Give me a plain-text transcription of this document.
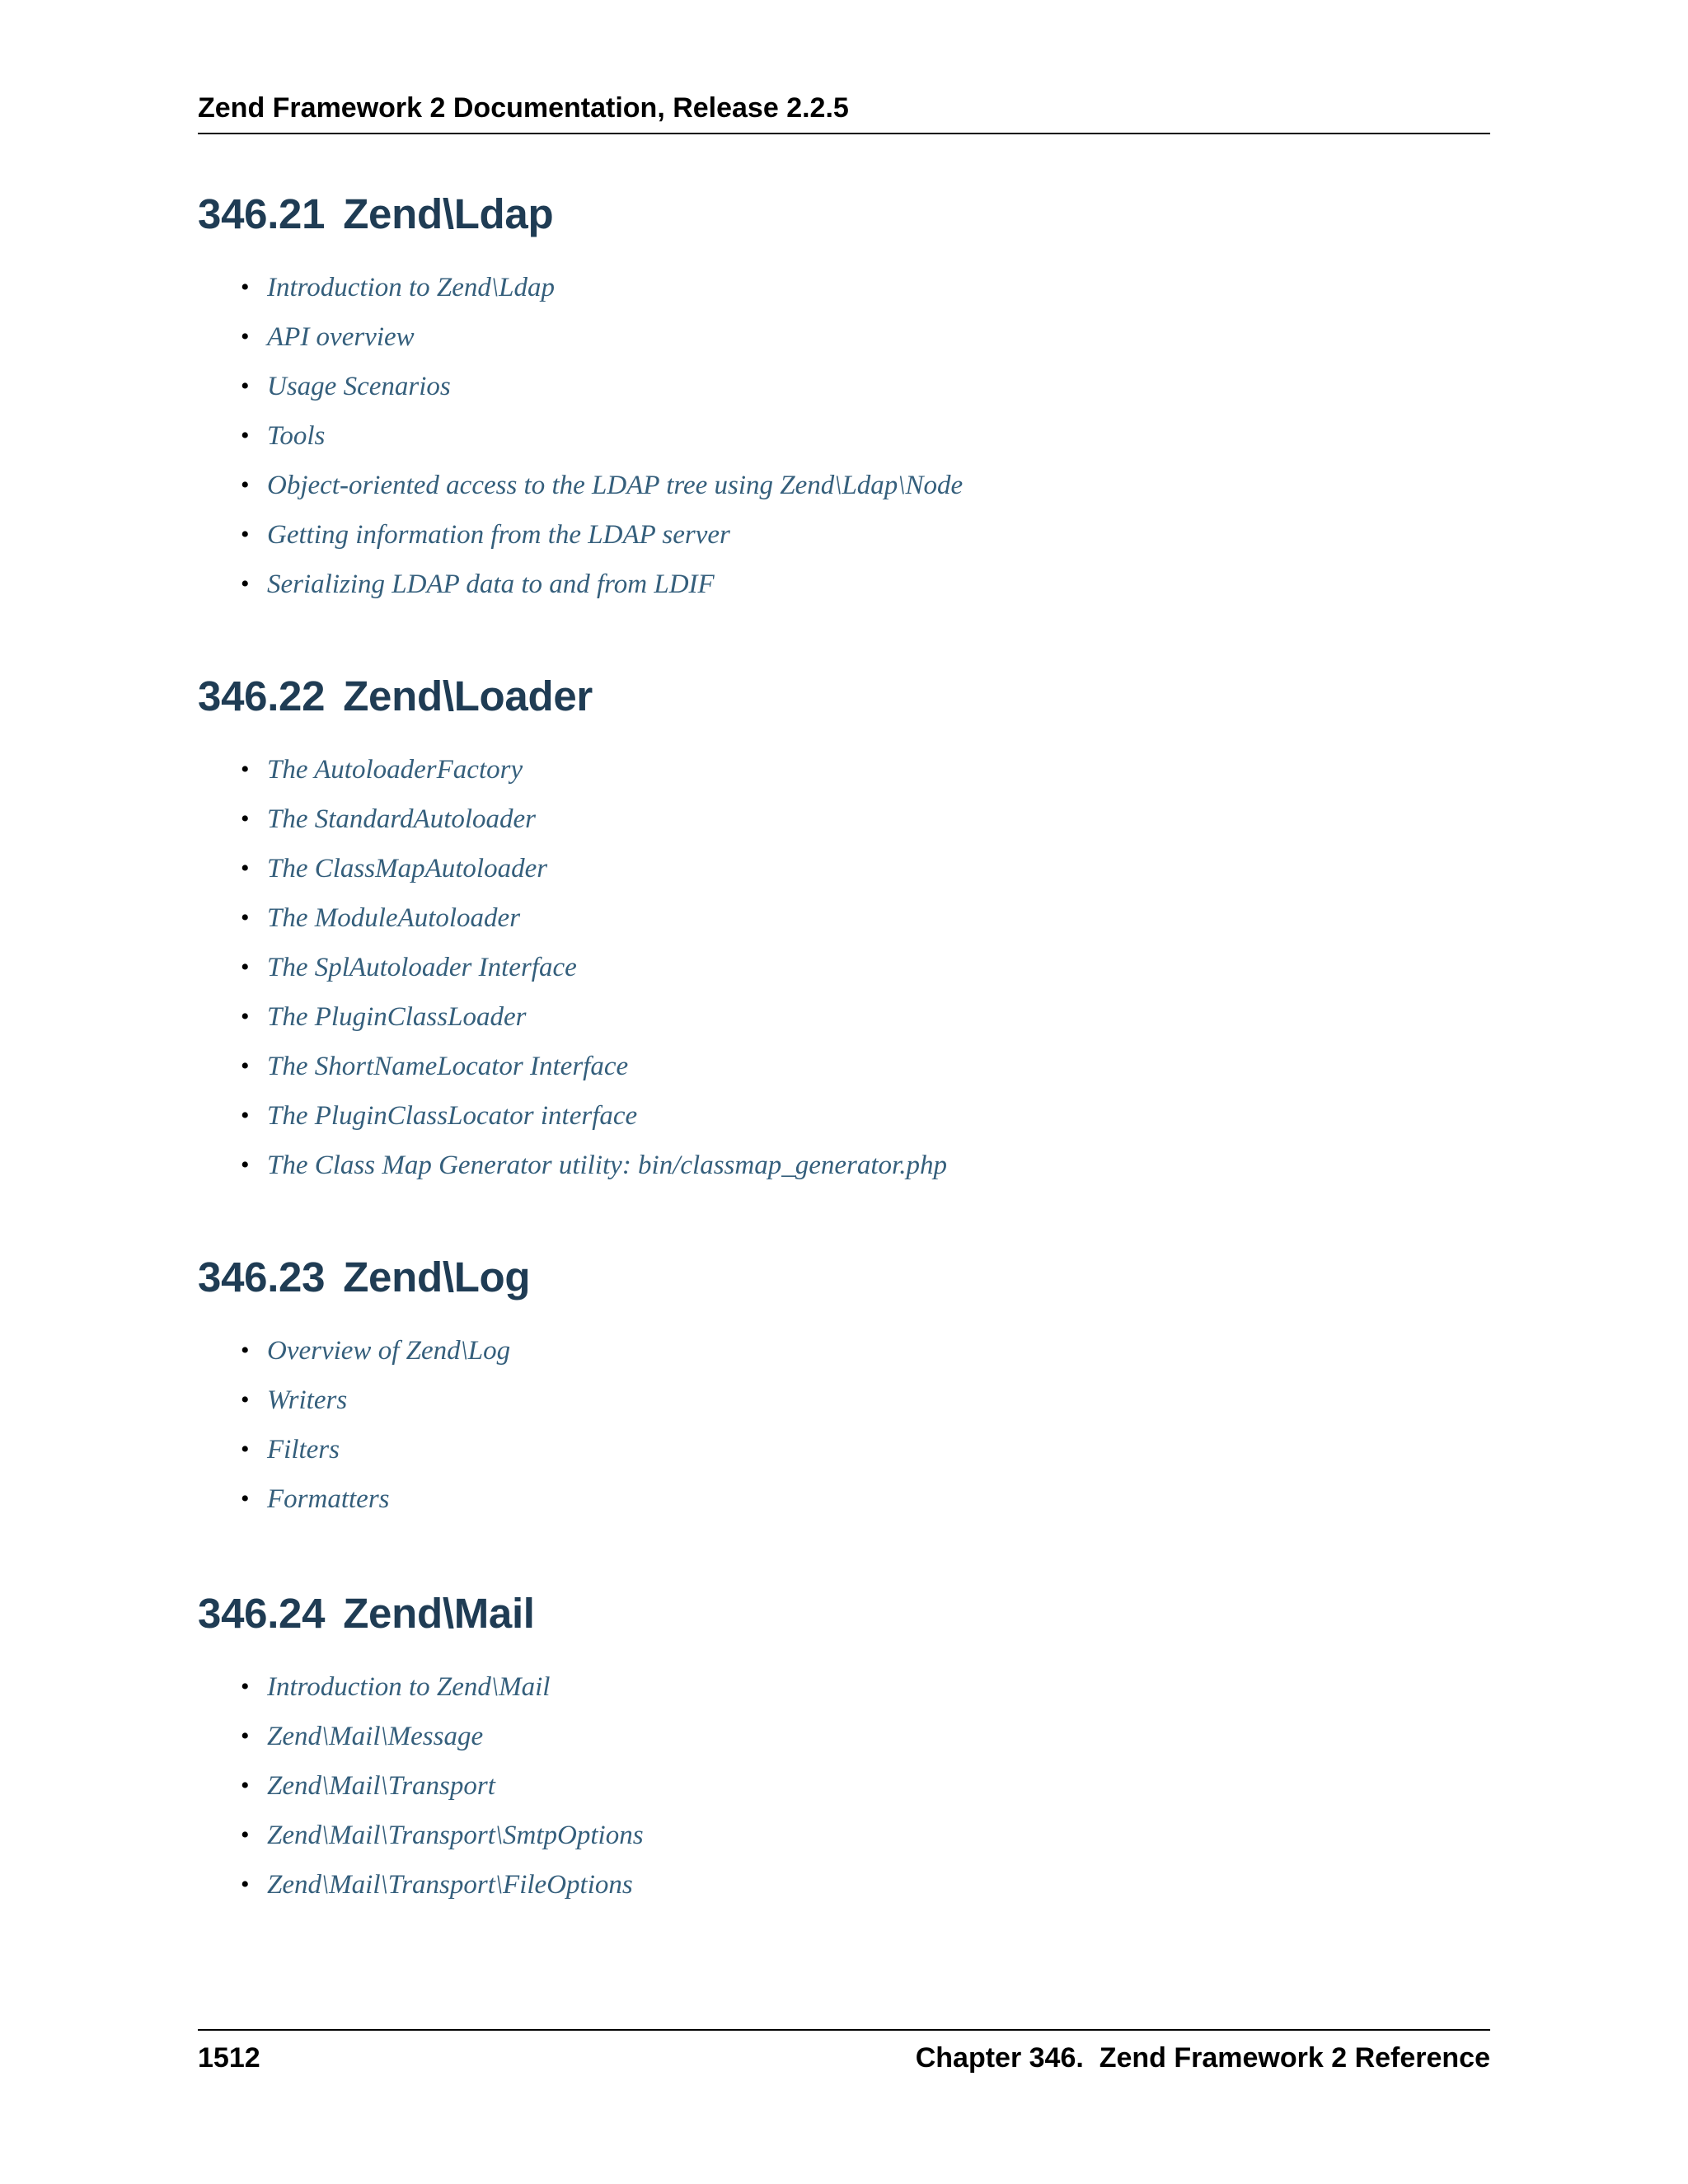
Zend Framework 2 Documentation, Release 2.2.5
346.21 Zend\Ldap
• Introduction to Zend\Ldap
• API overview
• Usage Scenarios
• Tools
• Object-oriented access to the LDAP tree using Zend\Ldap\Node
• Getting information from the LDAP server
• Serializing LDAP data to and from LDIF
346.22 Zend\Loader
• The AutoloaderFactory
• The StandardAutoloader
• The ClassMapAutoloader
• The ModuleAutoloader
• The SplAutoloader Interface
• The PluginClassLoader
• The ShortNameLocator Interface
• The PluginClassLocator interface
• The Class Map Generator utility: bin/classmap_generator.php
346.23 Zend\Log
• Overview of Zend\Log
• Writers
• Filters
• Formatters
346.24 Zend\Mail
• Introduction to Zend\Mail
• Zend\Mail\Message
• Zend\Mail\Transport
• Zend\Mail\Transport\SmtpOptions
• Zend\Mail\Transport\FileOptions
1512	Chapter 346.  Zend Framework 2 Reference
